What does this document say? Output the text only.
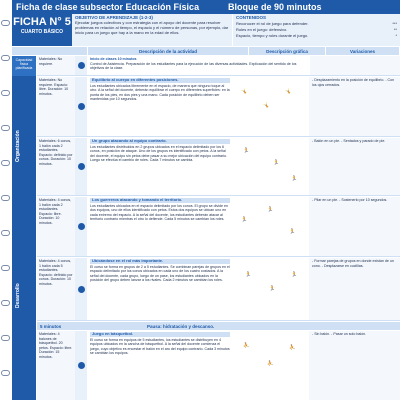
Ficha de clase subsector Educación Física	Bloque de 90 minutos
FICHA N° 5
CUARTO BÁSICO
OBJETIVO DE APRENDIZAJE (1-2-3)
Ejecutar juegos colectivos y con estrategia con el apoyo del docente para resolver problemas en relación al tiempo, el espacio y el número de personas, por ejemplo, dar inicio para un juego que hay a la mano en la edad de ellos.
CONTENIDOS
Reconocer el rol de juego para defender.	***
Roles en el juego: defensivo.	**
Espacio, tiempo y roles durante el juego.	*
Descripción de la actividad	Descripción gráfica	Variaciones
Capacidad física planificada
Organización
Desarrollo
Materiales: No requiere.
Inicio de clases 10 minutos
Control de Asistencia. Preparación de los estudiantes para la ejecución de las diversas actividades. Explicación del sentido de los objetivos de la clase.
Materiales: No requiere. Espacio: libre. Duración: 10 minutos.
Equilibrio al cuerpo en diferentes posiciones.
Los estudiantes ubicados libremente en el espacio, de manera que ninguno toque al otro. A la señal del docente, deberán equilibrar el cuerpo en diferentes superficies: en la punta de los pies, en dos pies y una mano. Cada posición de equilibrio deben ser mantenidas por 10 segundos.
🤸
🤸
🤸
- Desplazamiento en la posición de equilibrio. - Con los ojos cerrados.
Materiales: 6 conos, 1 balón cada 2 estudiantes. Espacio: definido por conos. Duración: 10 minutos.
Un grupo atacando al equipo contrario.
Los estudiantes distribuidos en 2 grupos ubicados en el espacio delimitado por los 6 conos, en posición de ataque. Uno de los grupos es identificado con petos. A la señal del docente, el equipo sin petos debe pasar a su mejor ubicación del equipo contrario. Luego se efectúa el cambio de roles. Cada 7 minutos se cambia.
🏃
🏃
🏃
- Balón en un pie. - Sentados y parado de pie.
Materiales: 4 conos, 1 balón cada 2 estudiantes. Espacio: libre. Duración: 10 minutos.
Los guerreros atacando y tomando el territorio.
Los estudiantes ubicados en el espacio delimitado por los conos. El grupo se divide en dos equipos, uno de ellos identificado con petos. Estos dos equipos se ubican uno en cada extremo del espacio. A la señal del docente, los estudiantes deberán atacar al territorio contrario mientras el otro lo defiende. Cada 5 minutos se cambian los roles.	🏃
🏃
🏃
- Pilar en un pie. - Sostenerlo por 10 segundos.
Materiales: 4 conos, 1 balón cada 5 estudiantes. Espacio: definido por conos. Duración: 10 minutos.
Ubicándose en el rol más importante.
El curso se forma en grupos de 2 a 5 estudiantes. Se combinan parejas de grupos en el espacio delimitado por los conos ubicados en cada uno de los cuatro costados. A la señal del docente, cada grupo, luego de un pase, los estudiantes ubicados en la posición del grupo deben lanzar a los rivales. Cada 2 minutos se cambian los roles.
🏃
🏃
🏃
- Formar parejas de grupos en donde existan de un cono. - Desplazarse en cuclillas.
5 minutos	Pausa: hidratación y descanso.
Materiales: 4 balones de básquetbol. 20 petos. Espacio: libre. Duración: 15 minutos.
Juego en básquetbol.
El curso se forma en equipos de 5 estudiantes, los estudiantes se distribuyen en 4 equipos ubicados en la cancha de básquetbol. A la señal del docente comienza el juego, cuyo objetivo es encestar el balón en el aro del equipo contrario. Cada 3 minutos se cambian los equipos.
⛹
⛹
⛹
- Sin balón. - Pasar un solo balón.
